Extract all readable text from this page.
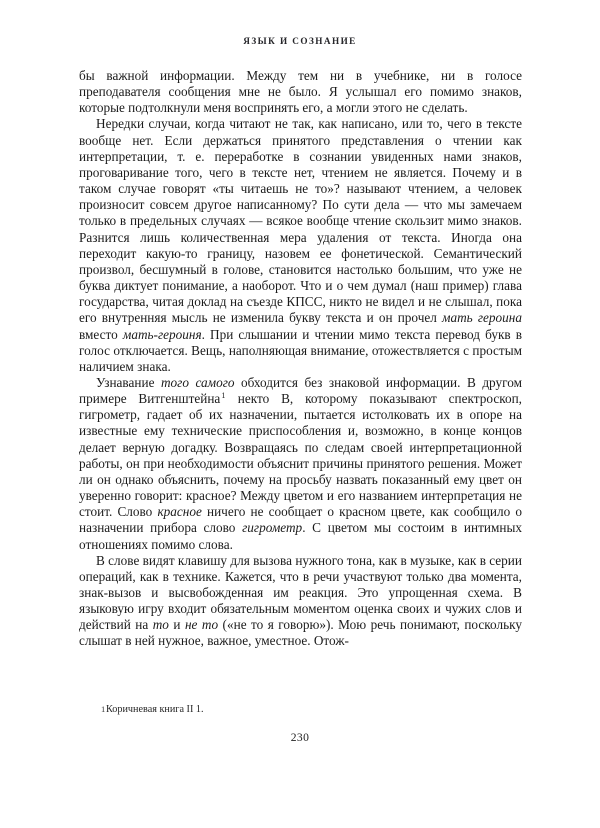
ЯЗЫК И СОЗНАНИЕ

бы важной информации. Между тем ни в учебнике, ни в голосе преподавателя сообщения мне не было. Я услышал его помимо знаков, которые подтолкнули меня воспринять его, а могли этого не сделать.

Нередки случаи, когда читают не так, как написано, или то, чего в тексте вообще нет. Если держаться принятого представления о чтении как интерпретации, т. е. переработке в сознании увиденных нами знаков, проговаривание того, чего в тексте нет, чтением не является. Почему и в таком случае говорят «ты читаешь не то»? называют чтением, а человек произносит совсем другое написанному? По сути дела — что мы замечаем только в предельных случаях — всякое вообще чтение скользит мимо знаков. Разнится лишь количественная мера удаления от текста. Иногда она переходит какую-то границу, назовем ее фонетической. Семантический произвол, бесшумный в голове, становится настолько большим, что уже не буква диктует понимание, а наоборот. Что и о чем думал (наш пример) глава государства, читая доклад на съезде КПСС, никто не видел и не слышал, пока его внутренняя мысль не изменила букву текста и он прочел мать героина вместо мать-героиня. При слышании и чтении мимо текста перевод букв в голос отключается. Вещь, наполняющая внимание, отожествляется с простым наличием знака.

Узнавание того самого обходится без знаковой информации. В другом примере Витгенштейна$^1$ некто В, которому показывают спектроскоп, гигрометр, гадает об их назначении, пытается истолковать их в опоре на известные ему технические приспособления и, возможно, в конце концов делает верную догадку. Возвращаясь по следам своей интерпретационной работы, он при необходимости объяснит причины принятого решения. Может ли он однако объяснить, почему на просьбу назвать показанный ему цвет он уверенно говорит: красное? Между цветом и его названием интерпретация не стоит. Слово красное ничего не сообщает о красном цвете, как сообщило о назначении прибора слово гигрометр. С цветом мы состоим в интимных отношениях помимо слова.

В слове видят клавишу для вызова нужного тона, как в музыке, как в серии операций, как в технике. Кажется, что в речи участвуют только два момента, знак-вызов и высвобожденная им реакция. Это упрощенная схема. В языковую игру входит обязательным моментом оценка своих и чужих слов и действий на то и не то («не то я говорю»). Мою речь понимают, поскольку слышат в ней нужное, важное, уместное. Отож-

1 Коричневая книга II 1.
230
